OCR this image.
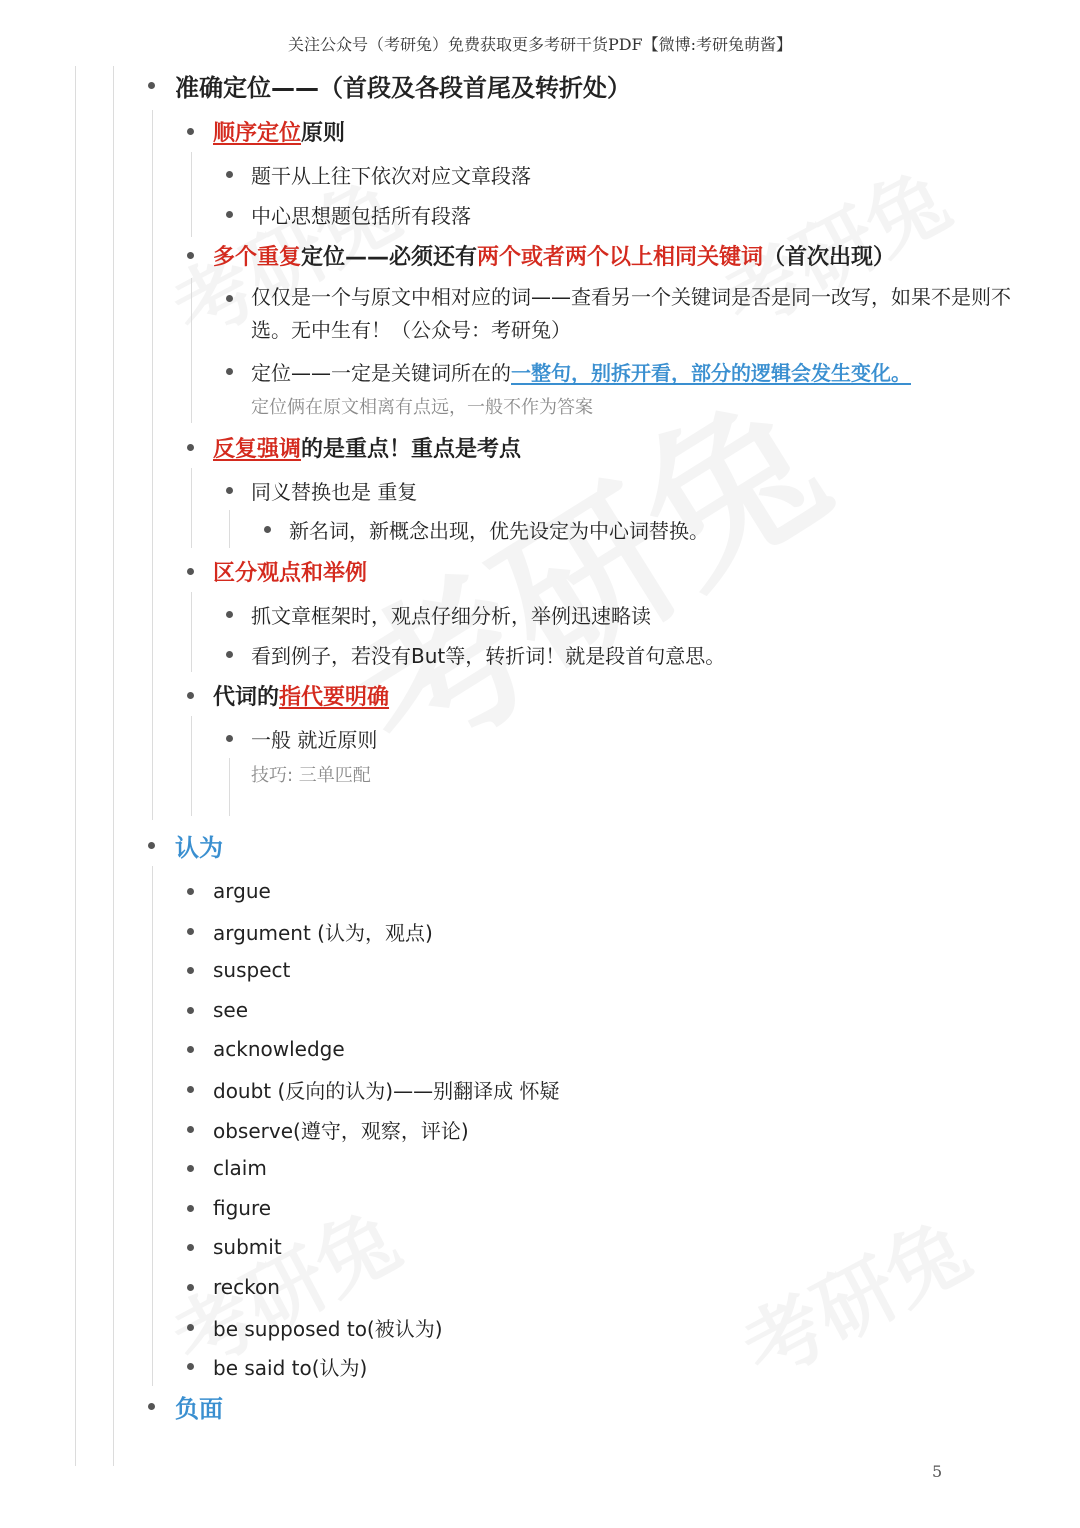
关注公众号（考研兔）免费获取更多考研干货PDF【微博:考研兔萌酱】
准确定位——（首段及各段首尾及转折处）
顺序定位 原则
题干从上往下依次对应文章段落
中心思想题包括所有段落
多个重复 定位——必须还有 两个或者两个以上相同关键词 （首次出现）
仅仅是一个与原文中相对应的词——查看另一个关键词是否是同一改写，如果不是则不选。无中生有！（公众号：考研兔）
定位——一定是关键词所在的 一整句，别拆开看，部分的逻辑会发生变化。
定位俩在原文相离有点远，一般不作为答案
反复强调 的是重点！重点是考点
同义替换也是 重复
新名词，新概念出现，优先设定为中心词替换。
区分观点和举例
抓文章框架时，观点仔细分析，举例迅速略读
看到例子，若没有But等，转折词！就是段首句意思。
代词的 指代要明确
一般 就近原则
技巧: 三单匹配
认为
argue
argument (认为，观点)
suspect
see
acknowledge
doubt (反向的认为)——别翻译成 怀疑
observe(遵守，观察，评论)
claim
figure
submit
reckon
be supposed to(被认为)
be said to(认为)
负面
5
